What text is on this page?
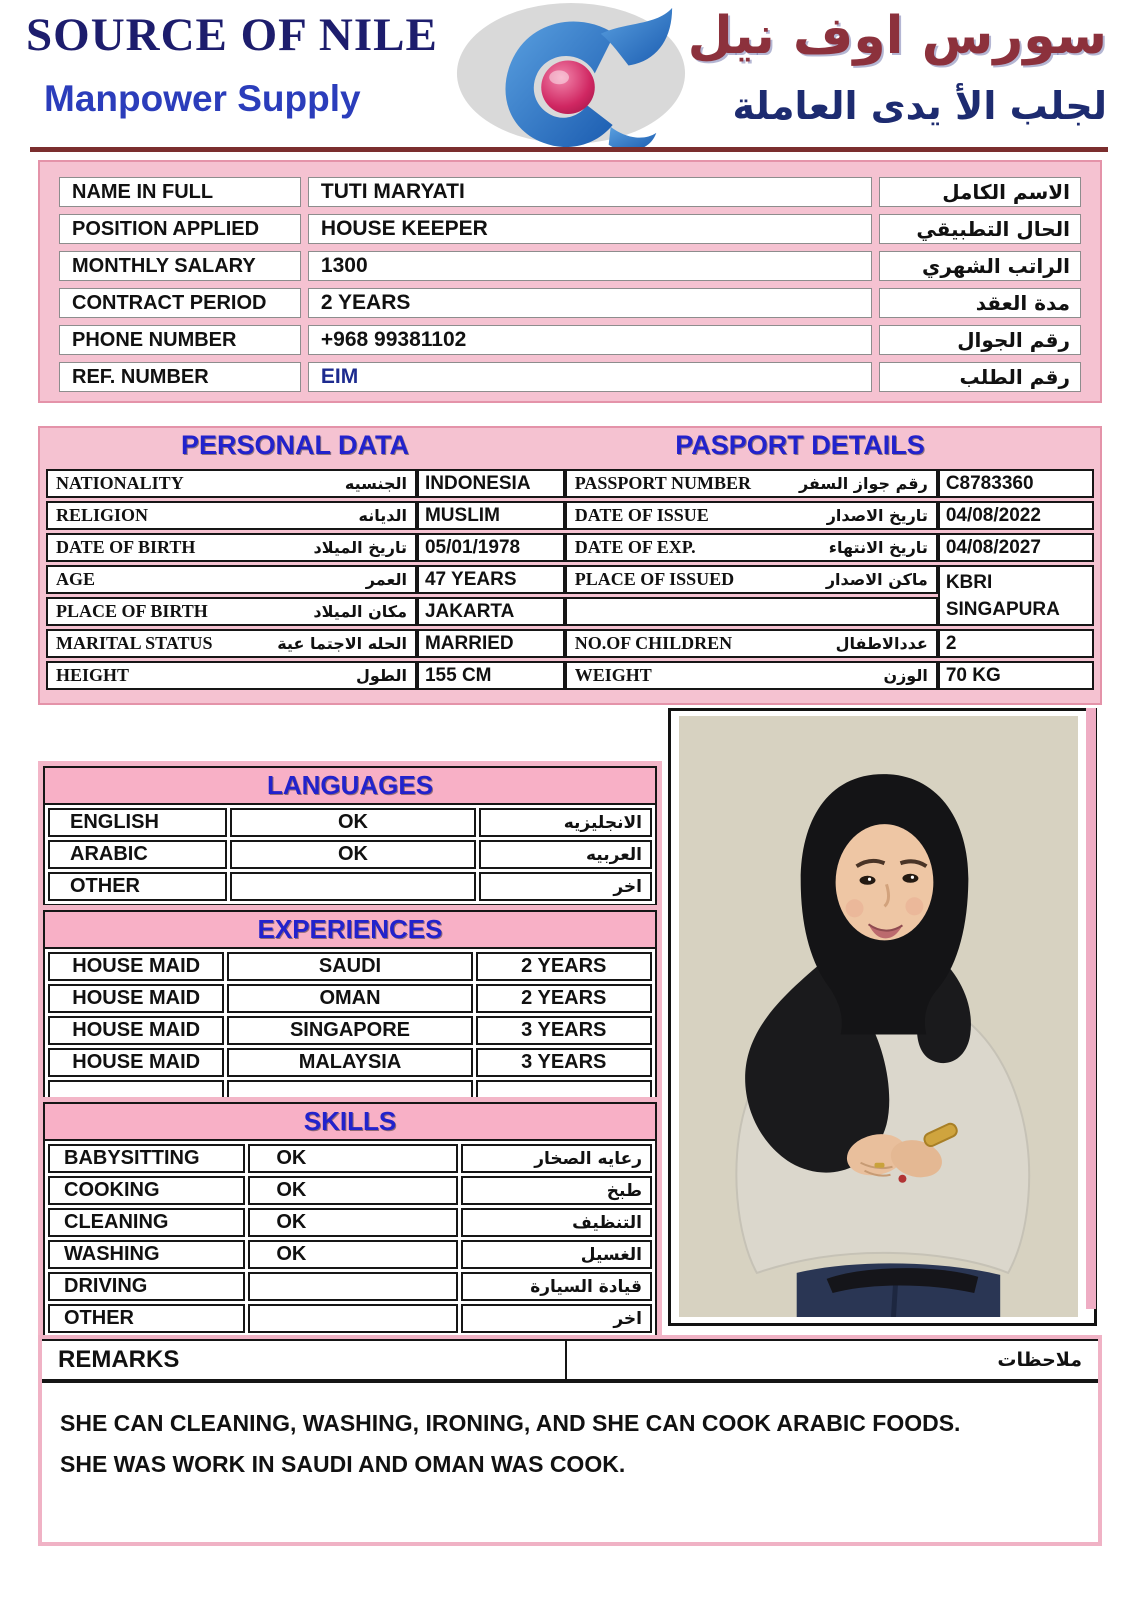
SOURCE OF NILE
Manpower Supply
سورس اوف نيل
لجلب الأ يدى العاملة
NAME IN FULL	TUTI MARYATI	الاسم الكامل
POSITION APPLIED	HOUSE KEEPER	الحال التطبيقي
MONTHLY SALARY	1300	الراتب الشهري
CONTRACT PERIOD	2 YEARS	مدة العقد
PHONE NUMBER	+968 99381102	رقم الجوال
REF. NUMBER	EIM	رقم الطلب
PERSONAL DATA	PASPORT DETAILS
NATIONALITY الجنسيه	INDONESIA	PASSPORT NUMBER رقم جواز السفر	C8783360

RELIGION الديانه	MUSLIM	DATE OF ISSUE تاريخ الاصدار	04/08/2022

DATE OF BIRTH تاريخ الميلاد	05/01/1978	DATE OF EXP. تاريخ الانتهاء	04/08/2027

AGE	العمر	47 YEARS	PLACE OF ISSUED	ماكن الاصدار	KBRI
SINGAPURA

PLACE OF BIRTH مكان الميلاد	JAKARTA		

MARITAL STATUS الحله الاجتما عية	MARRIED	NO.OF CHILDREN عددالاطفال	2

HEIGHT الطول	155 CM	WEIGHT الوزن	70 KG
LANGUAGES
ENGLISH	OK	الانجليزيه
ARABIC	OK	العربيه
OTHER		اخر
EXPERIENCES
HOUSE MAID	SAUDI	2 YEARS
HOUSE MAID	OMAN	2 YEARS
HOUSE MAID	SINGAPORE	3 YEARS
HOUSE MAID	MALAYSIA	3 YEARS

SKILLS
BABYSITTING	OK	رعايه الصخار
COOKING	OK	طبخ
CLEANING	OK	التنظيف
WASHING	OK	الغسيل
DRIVING		قيادة السيارة
OTHER		اخر
REMARKS	ملاحظات
SHE CAN CLEANING, WASHING, IRONING, AND SHE CAN COOK ARABIC FOODS.
SHE WAS WORK IN SAUDI AND OMAN WAS COOK.
